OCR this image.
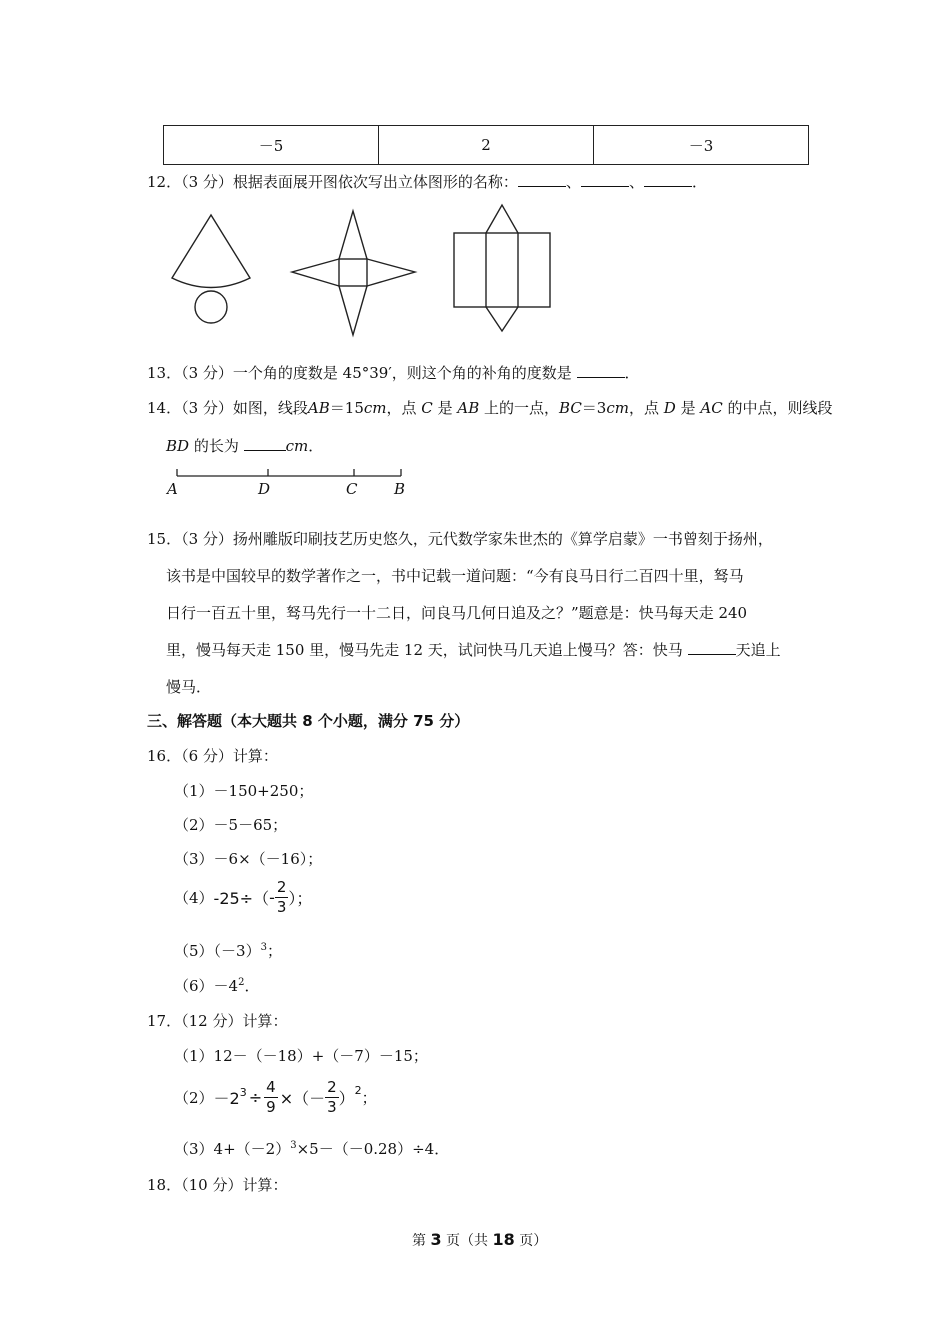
－5	2	－3
12．（3 分）根据表面展开图依次写出立体图形的名称：	、	、	．
13．（3 分）一个角的度数是 45°39′，则这个角的补角的度数是	．
14．（3 分）如图，线段AB＝15cm，点 C 是 AB 上的一点，BC＝3cm，点 D 是 AC 的中点，则线段
BD 的长为	cm．
A	D	C B
15．（3 分）扬州雕版印刷技艺历史悠久，元代数学家朱世杰的《算学启蒙》一书曾刻于扬州，
该书是中国较早的数学著作之一，书中记载一道问题：“今有良马日行二百四十里，驽马
日行一百五十里，驽马先行一十二日，问良马几何日追及之？”题意是：快马每天走 240
里，慢马每天走 150 里，慢马先走 12 天，试问快马几天追上慢马？答：快马	天追上
慢马．
三、解答题（本大题共 8 个小题，满分 75 分）
16．（6 分）计算：
（1）－150+250；
（2）－5－65；
（3）－6×（－16）；
（4） $-25\div( - \frac{2}{3}$ ）；
$(5)(-3)^3$；
$(6)-4^2$．
17．（12 分）计算：
（1）12－（－18）+（－7）－15；
$(2) -2^3 \div \frac{4}{9}$ ×（－ $\frac{2}{3} )^2$ ；
$(3)4+(-2)^3\times 5-(-0.28)\div 4$．
18．（10 分）计算：
第 3 页（共 18 页）
